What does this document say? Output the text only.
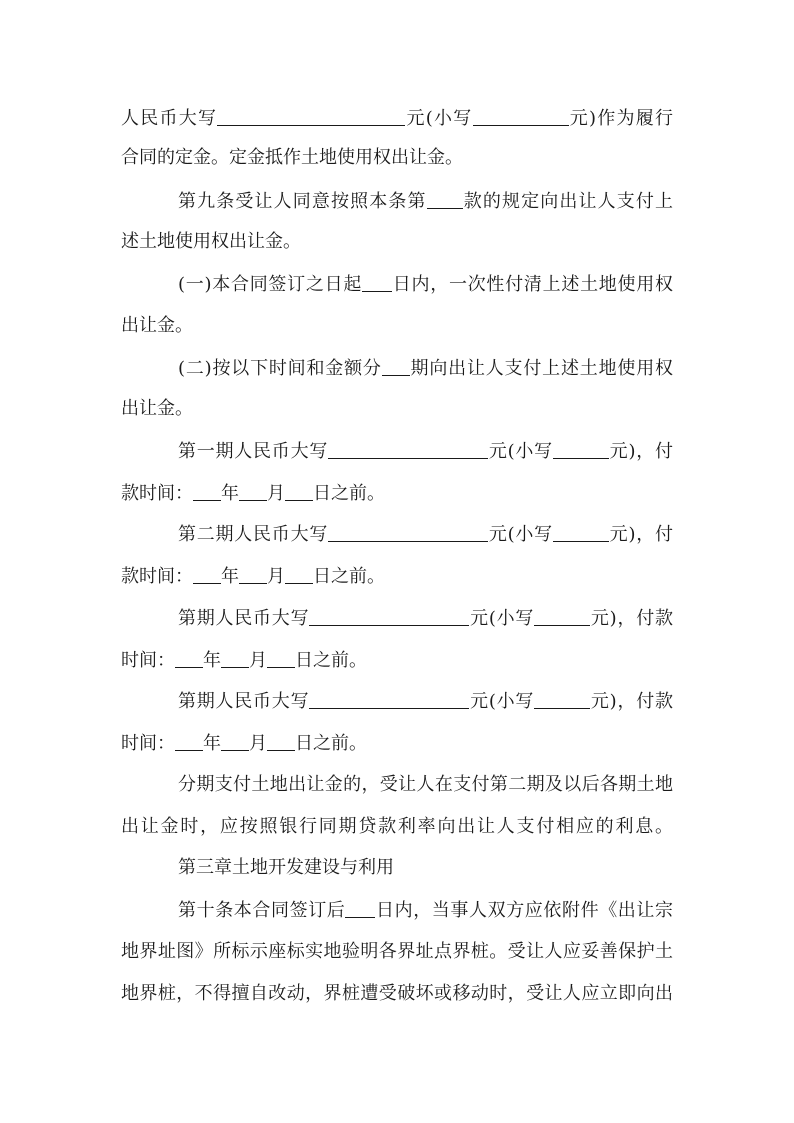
人民币大写	元(小写	元)作为履行
合同的定金。定金抵作土地使用权出让金。
第九条受让人同意按照本条第 款的规定向出让人支付上
述土地使用权出让金。
(一)本合同签订之日起 日内，一次性付清上述土地使用权
出让金。
(二)按以下时间和金额分 期向出让人支付上述土地使用权
出让金。
第一期人民币大写	元(小写	元)，付
款时间： 年 月 日之前。
第二期人民币大写	元(小写	元)，付
款时间： 年 月 日之前。
第期人民币大写	元(小写	元)，付款
时间： 年 月 日之前。
第期人民币大写	元(小写	元)，付款
时间： 年 月 日之前。
分期支付土地出让金的，受让人在支付第二期及以后各期土地
出让金时，应按照银行同期贷款利率向出让人支付相应的利息。
第三章土地开发建设与利用
第十条本合同签订后 日内，当事人双方应依附件《出让宗
地界址图》所标示座标实地验明各界址点界桩。受让人应妥善保护土
地界桩，不得擅自改动，界桩遭受破坏或移动时，受让人应立即向出
